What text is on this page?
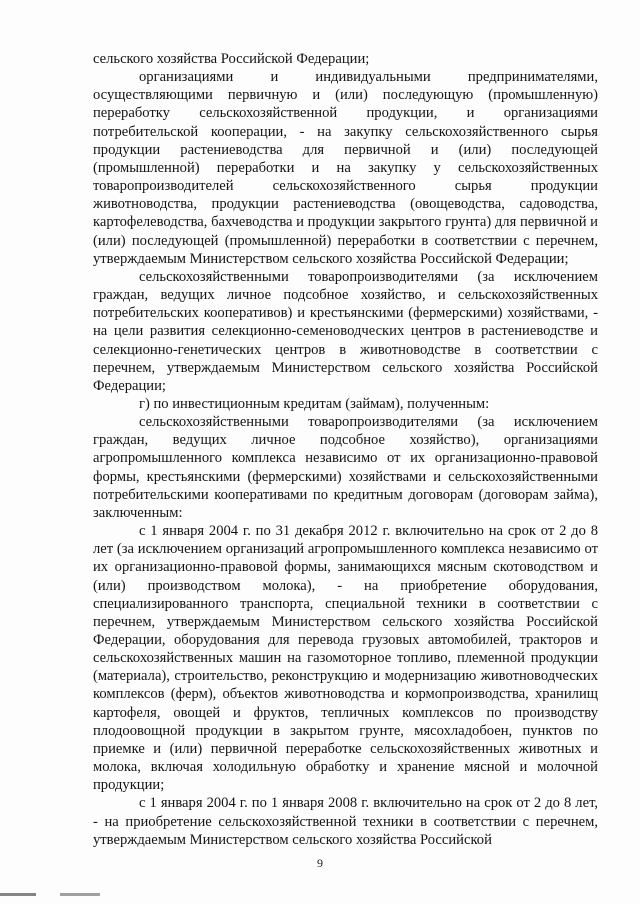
сельского хозяйства Российской Федерации;

организациями и индивидуальными предпринимателями, осуществляющими первичную и (или) последующую (промышленную) переработку сельскохозяйственной продукции, и организациями потребительской кооперации, - на закупку сельскохозяйственного сырья продукции растениеводства для первичной и (или) последующей (промышленной) переработки и на закупку у сельскохозяйственных товаропроизводителей сельскохозяйственного сырья продукции животноводства, продукции растениеводства (овощеводства, садоводства, картофелеводства, бахчеводства и продукции закрытого грунта) для первичной и (или) последующей (промышленной) переработки в соответствии с перечнем, утверждаемым Министерством сельского хозяйства Российской Федерации;

сельскохозяйственными товаропроизводителями (за исключением граждан, ведущих личное подсобное хозяйство, и сельскохозяйственных потребительских кооперативов) и крестьянскими (фермерскими) хозяйствами, - на цели развития селекционно-семеноводческих центров в растениеводстве и селекционно-генетических центров в животноводстве в соответствии с перечнем, утверждаемым Министерством сельского хозяйства Российской Федерации;

г) по инвестиционным кредитам (займам), полученным:

сельскохозяйственными товаропроизводителями (за исключением граждан, ведущих личное подсобное хозяйство), организациями агропромышленного комплекса независимо от их организационно-правовой формы, крестьянскими (фермерскими) хозяйствами и сельскохозяйственными потребительскими кооперативами по кредитным договорам (договорам займа), заключенным:

с 1 января 2004 г. по 31 декабря 2012 г. включительно на срок от 2 до 8 лет (за исключением организаций агропромышленного комплекса независимо от их организационно-правовой формы, занимающихся мясным скотоводством и (или) производством молока), - на приобретение оборудования, специализированного транспорта, специальной техники в соответствии с перечнем, утверждаемым Министерством сельского хозяйства Российской Федерации, оборудования для перевода грузовых автомобилей, тракторов и сельскохозяйственных машин на газомоторное топливо, племенной продукции (материала), строительство, реконструкцию и модернизацию животноводческих комплексов (ферм), объектов животноводства и кормопроизводства, хранилищ картофеля, овощей и фруктов, тепличных комплексов по производству плодоовощной продукции в закрытом грунте, мясохладобоен, пунктов по приемке и (или) первичной переработке сельскохозяйственных животных и молока, включая холодильную обработку и хранение мясной и молочной продукции;

с 1 января 2004 г. по 1 января 2008 г. включительно на срок от 2 до 8 лет, - на приобретение сельскохозяйственной техники в соответствии с перечнем, утверждаемым Министерством сельского хозяйства Российской

9
